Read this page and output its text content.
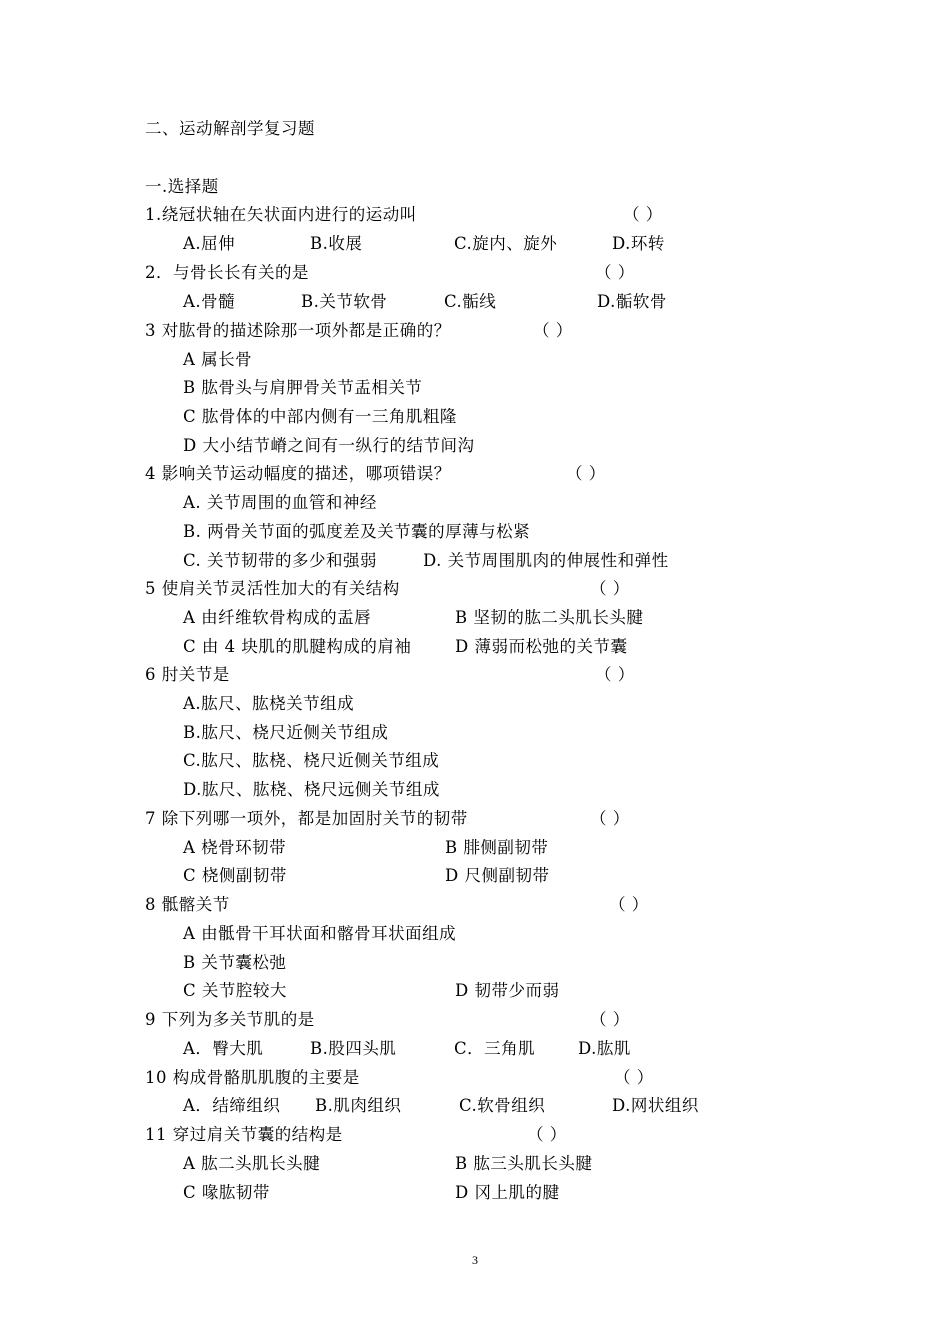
二、运动解剖学复习题
一.选择题
1.绕冠状轴在矢状面内进行的运动叫	（ ）
A.屈伸	B.收展	C.旋内、旋外	D.环转
2．与骨长长有关的是	（ ）
A.骨髓	B.关节软骨	C.骺线	D.骺软骨
3 对肱骨的描述除那一项外都是正确的？	（ ）
A 属长骨
B 肱骨头与肩胛骨关节盂相关节
C 肱骨体的中部内侧有一三角肌粗隆
D 大小结节嵴之间有一纵行的结节间沟
4 影响关节运动幅度的描述，哪项错误？	（ ）
A. 关节周围的血管和神经
B. 两骨关节面的弧度差及关节囊的厚薄与松紧
C. 关节韧带的多少和强弱	D. 关节周围肌肉的伸展性和弹性
5 使肩关节灵活性加大的有关结构	（ ）
A 由纤维软骨构成的盂唇	B 坚韧的肱二头肌长头腱
C 由 4 块肌的肌腱构成的肩袖	D 薄弱而松弛的关节囊
6 肘关节是	（ ）
A.肱尺、肱桡关节组成
B.肱尺、桡尺近侧关节组成
C.肱尺、肱桡、桡尺近侧关节组成
D.肱尺、肱桡、桡尺远侧关节组成
7 除下列哪一项外，都是加固肘关节的韧带	（ ）
A 桡骨环韧带	B 腓侧副韧带
C 桡侧副韧带	D 尺侧副韧带
8 骶髂关节	（ ）
A 由骶骨干耳状面和髂骨耳状面组成
B 关节囊松弛
C 关节腔较大	D 韧带少而弱
9 下列为多关节肌的是	（ ）
A．臀大肌	B.股四头肌	C．三角肌	D.肱肌
10 构成骨骼肌肌腹的主要是	（ ）
A．结缔组织 B.肌肉组织	C.软骨组织	D.网状组织
11 穿过肩关节囊的结构是	（ ）
A 肱二头肌长头腱	B 肱三头肌长头腱
C 喙肱韧带	D 冈上肌的腱
3
